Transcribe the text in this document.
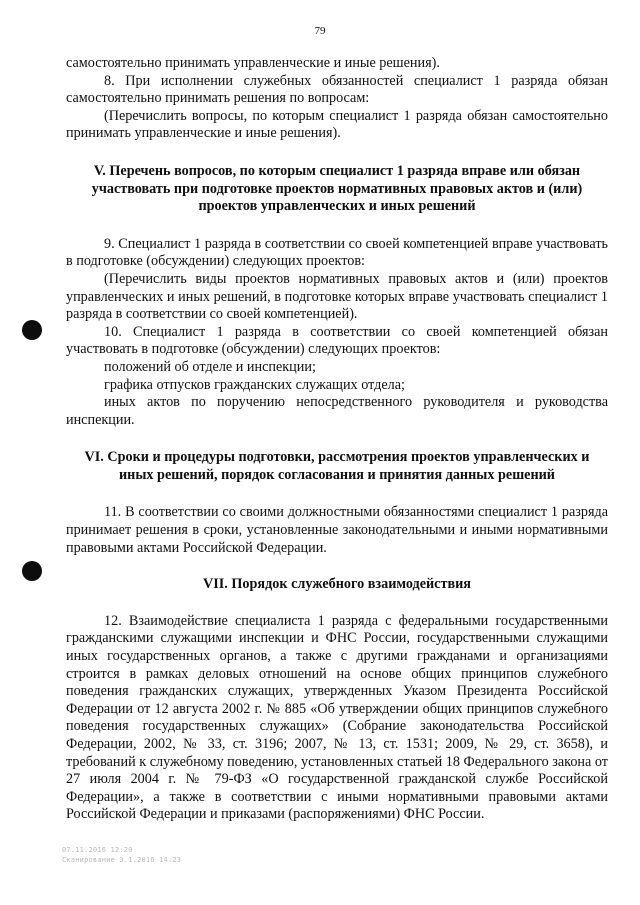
79

самостоятельно принимать управленческие и иные решения).

8. При исполнении служебных обязанностей специалист 1 разряда обязан самостоятельно принимать решения по вопросам:

(Перечислить вопросы, по которым специалист 1 разряда обязан самостоятельно принимать управленческие и иные решения).

V. Перечень вопросов, по которым специалист 1 разряда вправе или обязан участвовать при подготовке проектов нормативных правовых актов и (или) проектов управленческих и иных решений

9. Специалист 1 разряда в соответствии со своей компетенцией вправе участвовать в подготовке (обсуждении) следующих проектов:

(Перечислить виды проектов нормативных правовых актов и (или) проектов управленческих и иных решений, в подготовке которых вправе участвовать специалист 1 разряда в соответствии со своей компетенцией).

10. Специалист 1 разряда в соответствии со своей компетенцией обязан участвовать в подготовке (обсуждении) следующих проектов:

положений об отделе и инспекции;

графика отпусков гражданских служащих отдела;

иных актов по поручению непосредственного руководителя и руководства инспекции.

VI. Сроки и процедуры подготовки, рассмотрения проектов управленческих и иных решений, порядок согласования и принятия данных решений

11. В соответствии со своими должностными обязанностями специалист 1 разряда принимает решения в сроки, установленные законодательными и иными нормативными правовыми актами Российской Федерации.

VII. Порядок служебного взаимодействия

12. Взаимодействие специалиста 1 разряда с федеральными государственными гражданскими служащими инспекции и ФНС России, государственными служащими иных государственных органов, а также с другими гражданами и организациями строится в рамках деловых отношений на основе общих принципов служебного поведения гражданских служащих, утвержденных Указом Президента Российской Федерации от 12 августа 2002 г. № 885 «Об утверждении общих принципов служебного поведения государственных служащих» (Собрание законодательства Российской Федерации, 2002, № 33, ст. 3196; 2007, № 13, ст. 1531; 2009, № 29, ст. 3658), и требований к служебному поведению, установленных статьей 18 Федерального закона от 27 июля 2004 г. № 79-ФЗ «О государственной гражданской службе Российской Федерации», а также в соответствии с иными нормативными правовыми актами Российской Федерации и приказами (распоряжениями) ФНС России.

07.11.2016 12:20
Сканирование 3.1.2016 14:23
